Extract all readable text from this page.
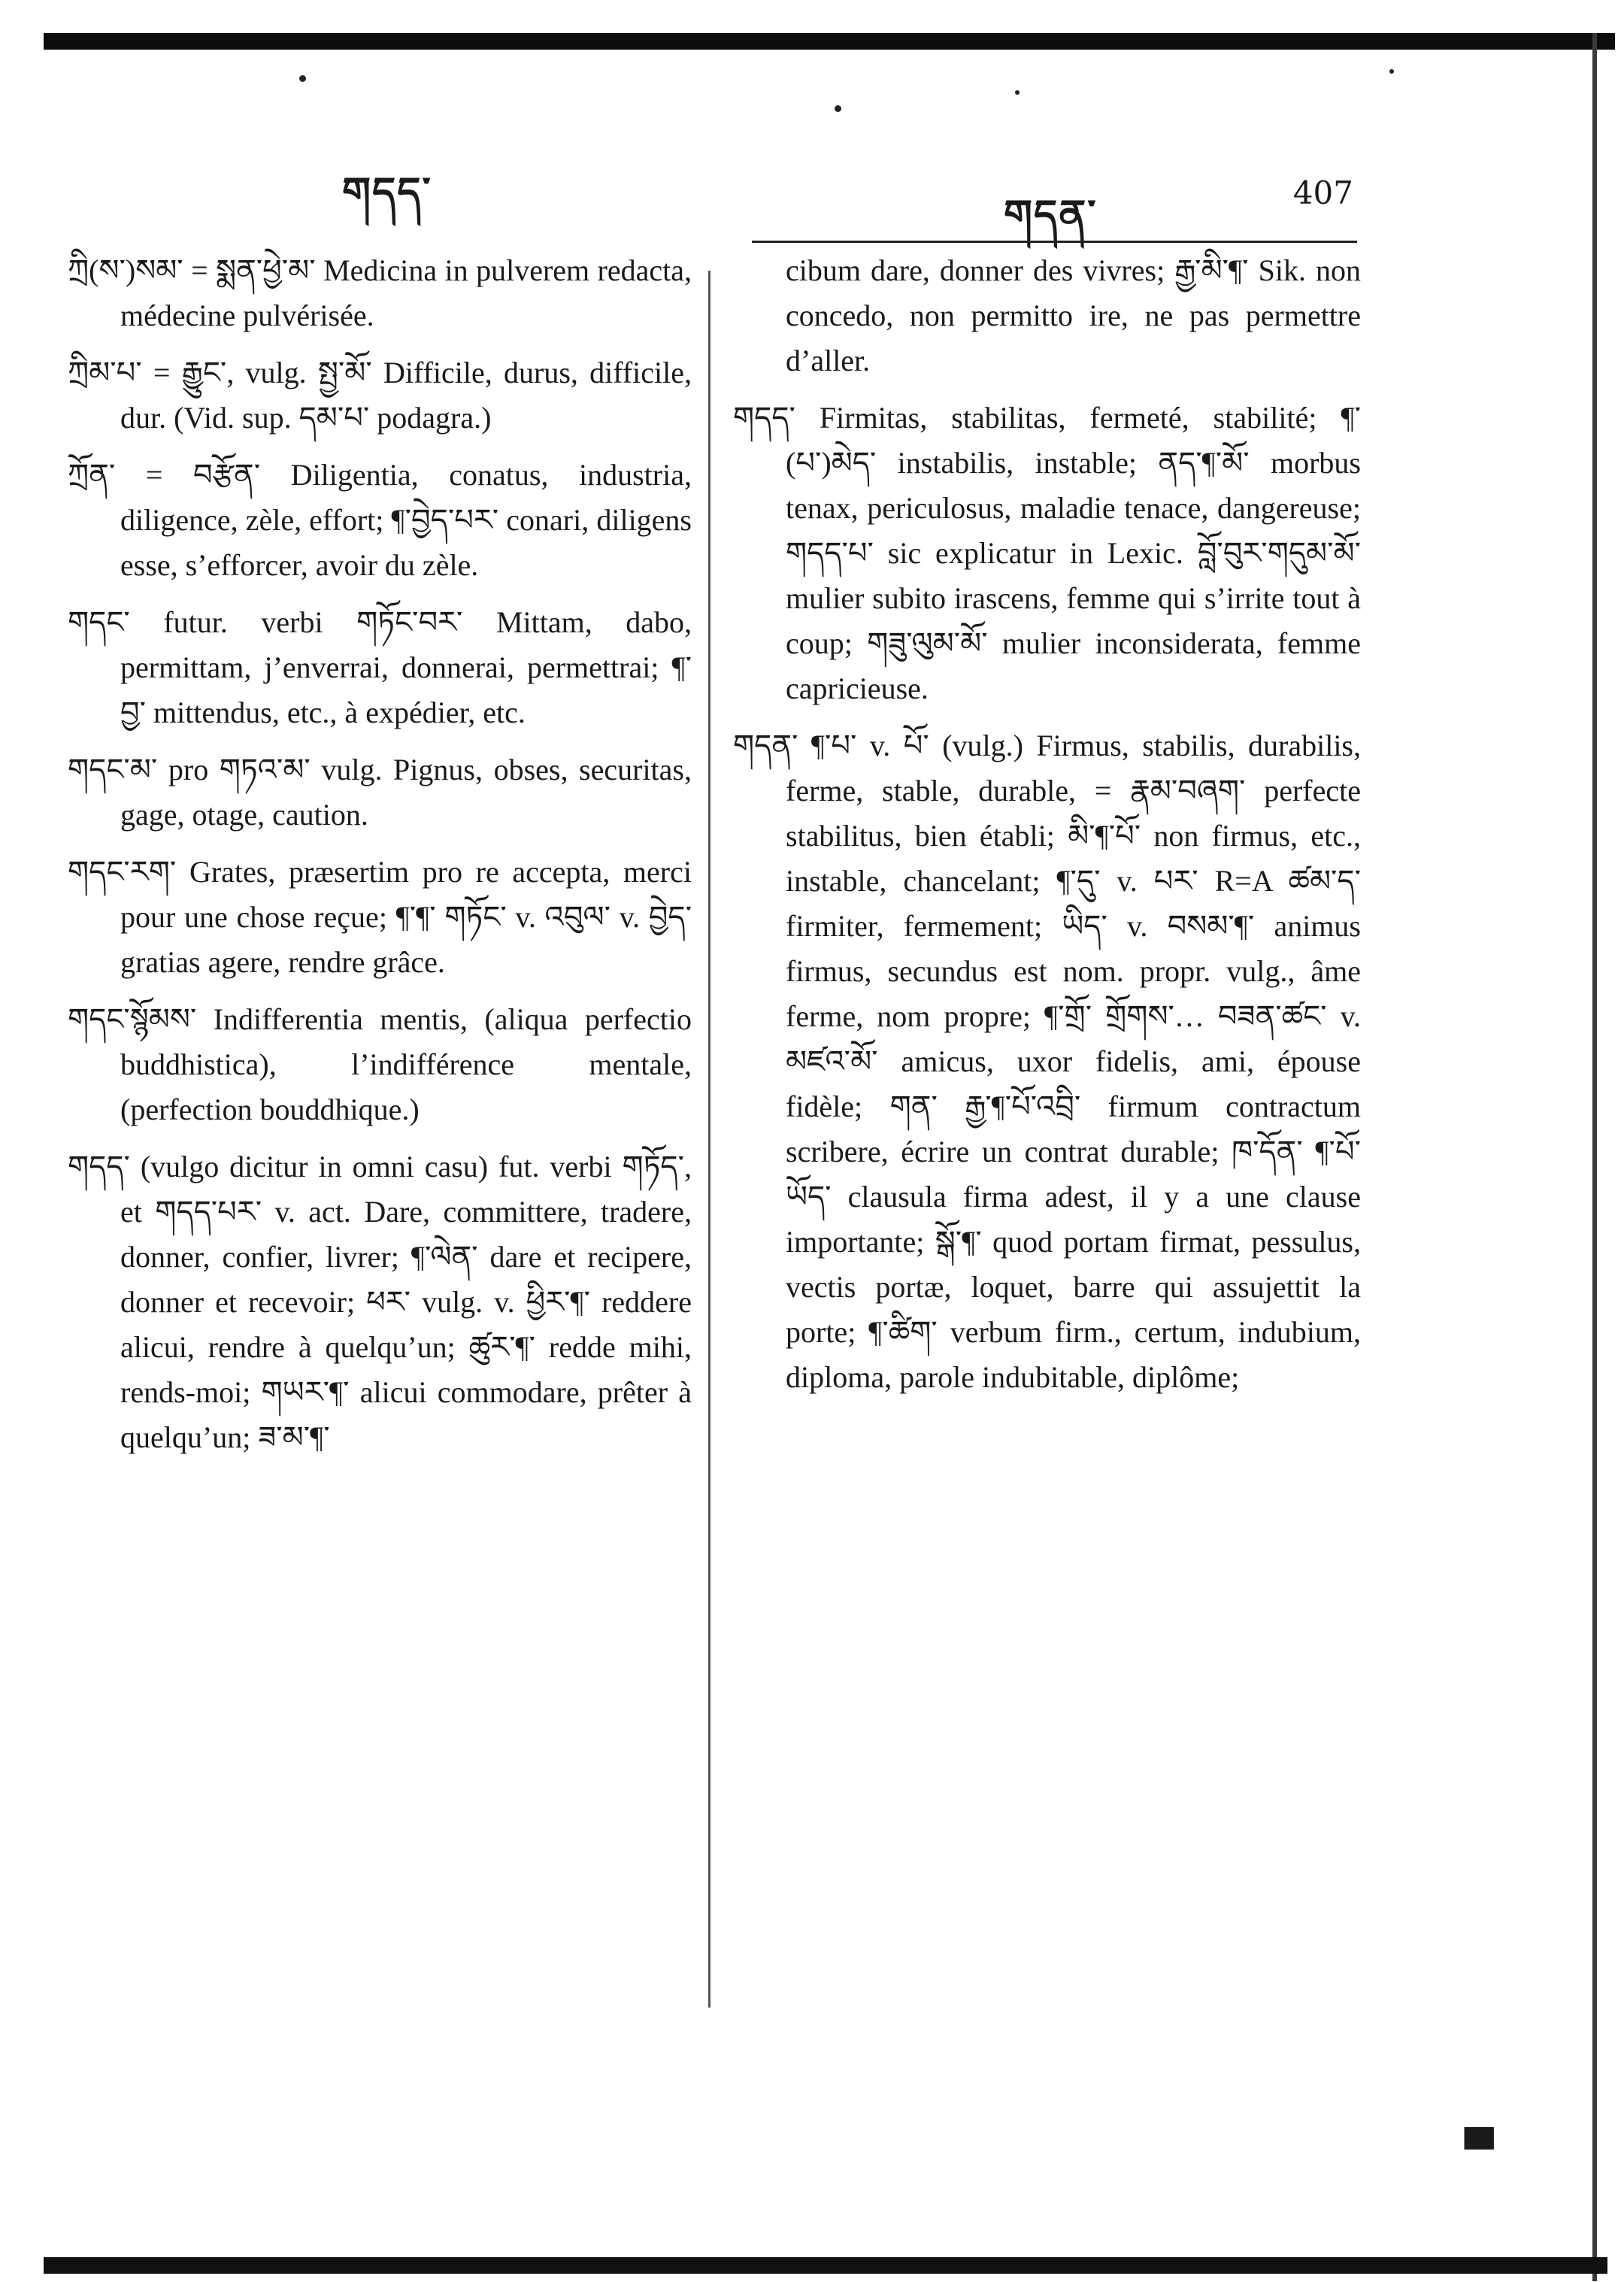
གདད་	གདན་	407

ཀྲི(ས་)སམ་ = སྨན་ཕྱེ་མ་ Medicina in pulverem redacta, médecine pulvérisée.

ཀྲིམ་པ་ = རྒྱུང་, vulg. སྤྱ་མོ་ Difficile, durus, difficile, dur. (Vid. sup. དམ་པ་ podagra.)

ཀྲོན་ = བརྩོན་ Diligentia, conatus, industria, diligence, zèle, effort; ¶་བྱེད་པར་ conari, diligens esse, s’efforcer, avoir du zèle.

གདང་ futur. verbi གཏོང་བར་ Mittam, dabo, permittam, j’enverrai, donnerai, permettrai; ¶་བྱ་ mittendus, etc., à expédier, etc.

གདང་མ་ pro གཏའ་མ་ vulg. Pignus, obses, securitas, gage, otage, caution.

གདང་རག་ Grates, præsertim pro re accepta, merci pour une chose reçue; ¶་¶་ གཏོང་ v. འབུལ་ v. བྱེད་ gratias agere, rendre grâce.

གདང་སྙོམས་ Indifferentia mentis, (aliqua perfectio buddhistica), l’indifférence mentale, (perfection bouddhique.)

གདད་ (vulgo dicitur in omni casu) fut. verbi གཏོད་, et གདད་པར་ v. act. Dare, committere, tradere, donner, confier, livrer; ¶་ལེན་ dare et recipere, donner et recevoir; ཕར་ vulg. v. ཕྱིར་¶་ reddere alicui, rendre à quelqu’un; ཚུར་¶་ redde mihi, rends-moi; གཡར་¶་ alicui commodare, prêter à quelqu’un; ཟ་མ་¶་

cibum dare, donner des vivres; རྒྱ་མི་¶་ Sik. non concedo, non permitto ire, ne pas permettre d’aller.

གདད་ Firmitas, stabilitas, fermeté, stabilité; ¶་(པ་)མེད་ instabilis, instable; ནད་¶་མོ་ morbus tenax, periculosus, maladie tenace, dangereuse; གདད་པ་ sic explicatur in Lexic. བློ་བུར་གདུམ་མོ་ mulier subito irascens, femme qui s’irrite tout à coup; གཟུ་ལུམ་མོ་ mulier inconsiderata, femme capricieuse.

གདན་ ¶་པ་ v. པོ་ (vulg.) Firmus, stabilis, durabilis, ferme, stable, durable, = རྣམ་བཞག་ perfecte stabilitus, bien établi; མི་¶་པོ་ non firmus, etc., instable, chancelant; ¶་དུ་ v. པར་ R=A ཚམ་ད་ firmiter, fermement; ཡིད་ v. བསམ་¶་ animus firmus, secundus est nom. propr. vulg., âme ferme, nom propre; ¶་གྲོ་ གྲོགས་… བཟན་ཚང་ v. མཛའ་མོ་ amicus, uxor fidelis, ami, épouse fidèle; གན་ རྒྱ་¶་པོ་འབྲི་ firmum contractum scribere, écrire un contrat durable; ཁ་དོན་ ¶་པོ་ཡོད་ clausula firma adest, il y a une clause importante; སྒོ་¶་ quod portam firmat, pessulus, vectis portæ, loquet, barre qui assujettit la porte; ¶་ཚིག་ verbum firm., certum, indubium, diploma, parole indubitable, diplôme;

▀
